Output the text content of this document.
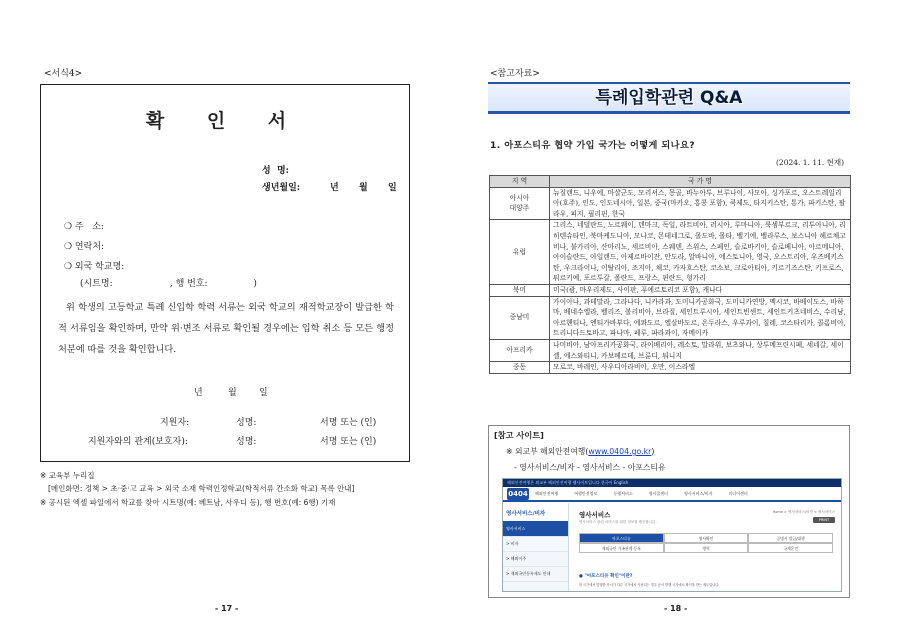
<서식4>
확 인 서
성  명:
생년월일:	년 월 일
❍ 주   소:
❍ 연락처:
❍ 외국 학교명:
(시트명:                    , 행 번호:                )
위 학생의 고등학교 특례 신입학 학력 서류는 외국 학교의 재적학교장이 발급한 학적 서류임을 확인하며, 만약 위·변조 서류로 확인될 경우에는 입학 취소 등 모든 행정처분에 따를 것을 확인합니다.
년	월 일
지원자:	성명:	서명 또는 (인)
지원자와의 관계(보호자):	성명:	서명 또는 (인)
※ 교육부 누리집
[메인화면: 정책 > 초·중·고 교육 > 외국 소재 학력인정학교(학적서류 간소화 학교) 목록 안내]
※ 공시된 엑셀 파일에서 학교를 찾아 시트명(예: 베트남, 사우디 등), 행 번호(예: 6행) 기재
- 17 -
<참고자료>
특례입학관련 Q&A
1. 아포스티유 협약 가입 국가는 어떻게 되나요?
(2024. 1. 11. 현재)
지 역	국 가 명
아시아
대양주	뉴질랜드, 니우에, 마샬군도, 모리셔스, 몽골, 바누아투, 브루나이, 사모아, 싱가포르, 오스트레일리아(호주), 인도, 인도네시아, 일본, 중국(마카오, 홍콩 포함), 쿡제도, 타지키스탄, 통가, 파키스탄, 팔라우, 피지, 필리핀, 한국
유럽	그리스, 네덜란드, 노르웨이, 덴마크, 독일, 라트비아, 러시아, 루마니아, 룩셈부르크, 리투아니아, 리히텐슈타인, 북마케도니아, 모나코, 몬테네그로, 몰도바, 몰타, 벨기에, 벨라루스, 보스니아 헤르체고비나, 불가리아, 산마리노, 세르비아, 스웨덴, 스위스, 스페인, 슬로바키아, 슬로베니아, 아르메니아, 아이슬란드, 아일랜드, 아제르바이잔, 안도라, 알바니아, 에스토니아, 영국, 오스트리아, 우즈베키스탄, 우크라이나, 이탈리아, 조지아, 체코, 카자흐스탄, 코소보, 크로아티아, 키르기즈스탄, 키프로스, 튀르키예, 포르투갈, 폴란드, 프랑스, 핀란드, 헝가리
북미	미국(괌, 마우리제도, 사이판, 푸에르토리코 포함), 캐나다
중남미	가이아나, 과테말라, 그라나다, 니카라과, 도미니카공화국, 도미니카연방, 멕시코, 바베이도스, 바하마, 베네수엘라, 벨리즈, 볼리비아, 브라질, 세인트루시아, 세인트빈센트, 세인트키츠네비스, 수리남, 아르헨티나, 앤티가바부다, 에콰도르, 엘살바도르, 온두라스, 우루과이, 칠레, 코스타리카, 콜롬비아, 트리니다드토바고, 파나마, 페루, 파라과이, 자메이카
아프리카	나미비아, 남아프리카공화국, 라이베리아, 레소토, 말라위, 보츠와나, 상투메프린시페, 세네갈, 세이셸, 에스와티니, 카보베르데, 브룬디, 튀니지
중동	모로코, 바레인, 사우디아라비아, 오만, 이스라엘
[참고 사이트]
※ 외교부 해외안전여행(www.0404.go.kr)
- 영사서비스/비자 - 영사서비스 - 아포스티유
해외안전여행은 외교부 해외안전여행 웹사이트입니다 한국어 English
0404	해외안전여행	여행안전정보	동행서비스	영사콜센터	영사서비스/비자	미디어센터
영사서비스/비자
영사서비스
> 비자
> 해외이주
> 재외국민등록제도 안내
영사서비스
영사서비스 관련 서비스를 위한 정보를 제공합니다.
Home > 영사서비스/비자 > 영사서비스
PRINT
아포스티유	영사확인	증명서 발급/대행
재외국민 가족관계 등록	병역	국제운전
● "아포스티유 확인"이란?
한 국가에서 발행한 문서가 다른 국가에서 사용되는 경우 문서 발행 국가에서 확인을 받는 제도입니다.
- 18 -
